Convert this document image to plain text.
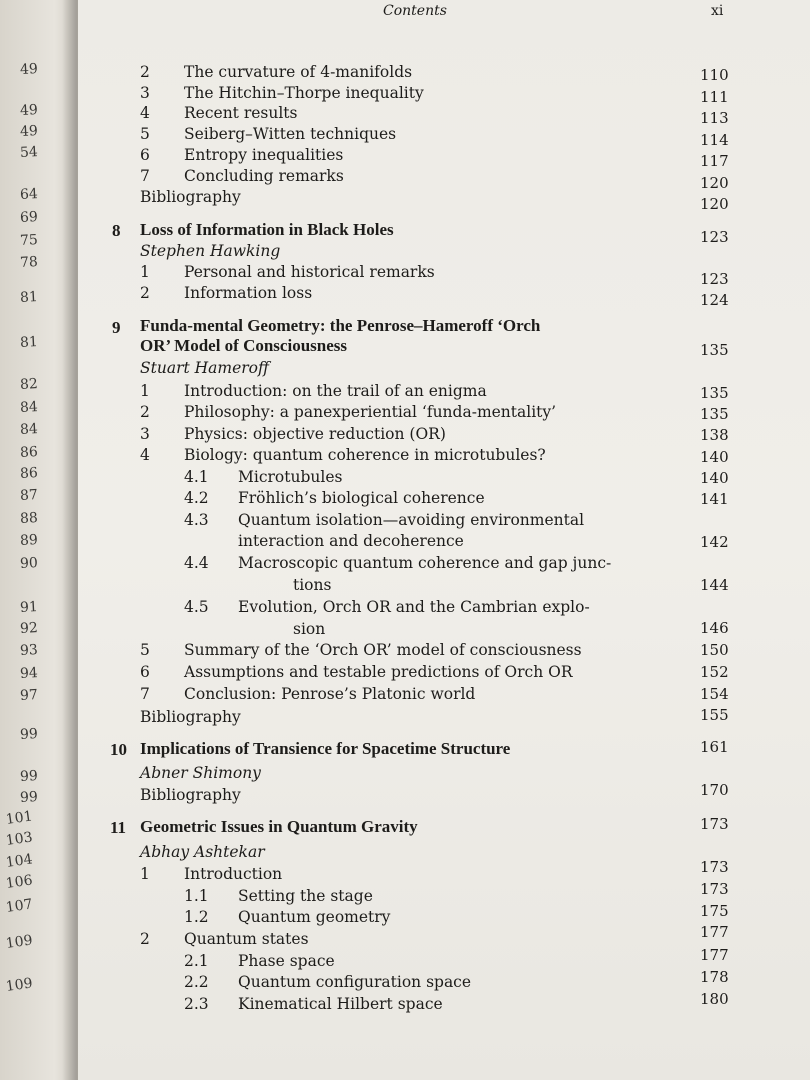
49
49
49
54
64
69
75
78
81
81
82
84
84
86
86
87
88
89
90
91
92
93
94
97
99
99
99
101
103
104
106
107
109
109
Contents	xi
2 The curvature of 4-manifolds	110
3 The Hitchin–Thorpe inequality	111
4 Recent results	113
5 Seiberg–Witten techniques	114
6 Entropy inequalities	117
7 Concluding remarks	120
Bibliography	120
8 Loss of Information in Black Holes	123
Stephen Hawking
1 Personal and historical remarks	123
2 Information loss	124
9 Funda-mental Geometry: the Penrose–Hameroff ‘Orch
OR’ Model of Consciousness	135
Stuart Hameroff
1 Introduction: on the trail of an enigma	135
2 Philosophy: a panexperiential ‘funda-mentality’	135
3 Physics: objective reduction (OR)	138
4 Biology: quantum coherence in microtubules?	140
4.1 Microtubules	140
4.2 Fröhlich’s biological coherence	141
4.3 Quantum isolation—avoiding environmental
interaction and decoherence	142
4.4 Macroscopic quantum coherence and gap junc-
tions	144
4.5 Evolution, Orch OR and the Cambrian explo-
sion	146
5 Summary of the ‘Orch OR’ model of consciousness	150
6 Assumptions and testable predictions of Orch OR	152
7 Conclusion: Penrose’s Platonic world	154
Bibliography	155
10 Implications of Transience for Spacetime Structure	161
Abner Shimony
Bibliography	170
11 Geometric Issues in Quantum Gravity	173
Abhay Ashtekar
1 Introduction	173
1.1 Setting the stage	173
1.2 Quantum geometry	175
2 Quantum states	177
2.1 Phase space	177
2.2 Quantum configuration space	178
2.3 Kinematical Hilbert space	180
